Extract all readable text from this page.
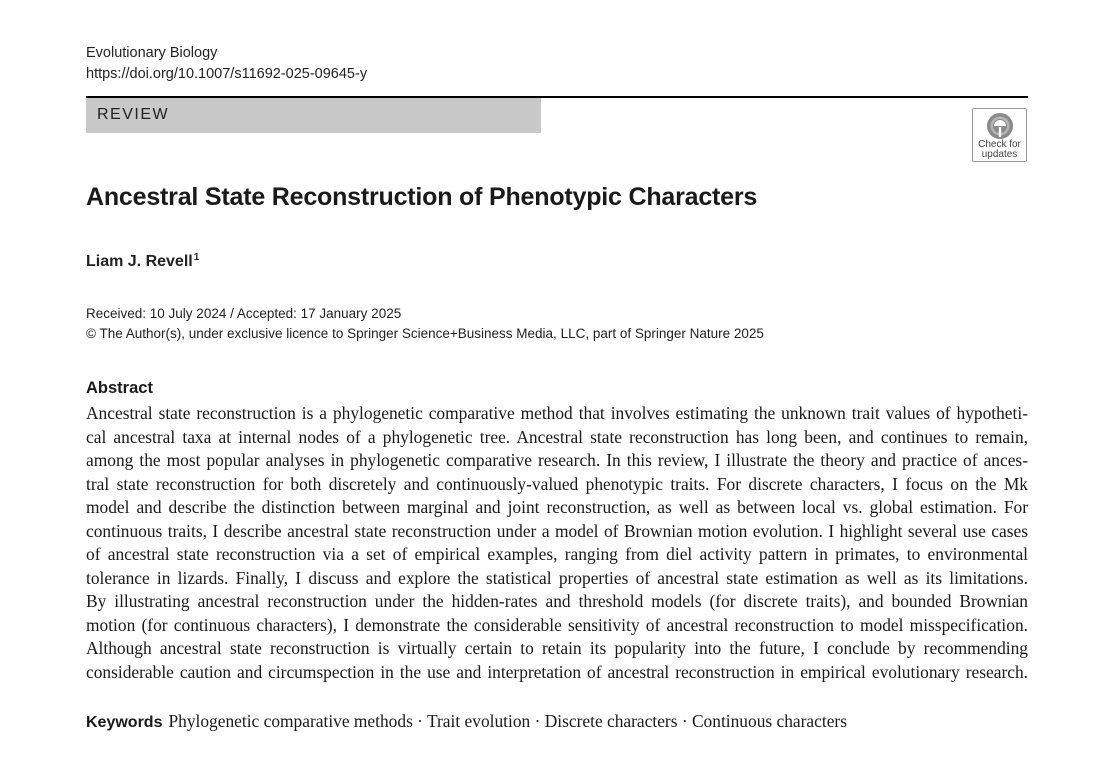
Evolutionary Biology
https://doi.org/10.1007/s11692-025-09645-y
REVIEW
Check for
updates
Ancestral State Reconstruction of Phenotypic Characters
Liam J. Revell$^1$
Received: 10 July 2024 / Accepted: 17 January 2025
© The Author(s), under exclusive licence to Springer Science+Business Media, LLC, part of Springer Nature 2025
Abstract
Ancestral state reconstruction is a phylogenetic comparative method that involves estimating the unknown trait values of hypotheti-
cal ancestral taxa at internal nodes of a phylogenetic tree. Ancestral state reconstruction has long been, and continues to remain,
among the most popular analyses in phylogenetic comparative research. In this review, I illustrate the theory and practice of ances-
tral state reconstruction for both discretely and continuously-valued phenotypic traits. For discrete characters, I focus on the Mk
model and describe the distinction between marginal and joint reconstruction, as well as between local vs. global estimation. For
continuous traits, I describe ancestral state reconstruction under a model of Brownian motion evolution. I highlight several use cases
of ancestral state reconstruction via a set of empirical examples, ranging from diel activity pattern in primates, to environmental
tolerance in lizards. Finally, I discuss and explore the statistical properties of ancestral state estimation as well as its limitations.
By illustrating ancestral reconstruction under the hidden-rates and threshold models (for discrete traits), and bounded Brownian
motion (for continuous characters), I demonstrate the considerable sensitivity of ancestral reconstruction to model misspecification.
Although ancestral state reconstruction is virtually certain to retain its popularity into the future, I conclude by recommending
considerable caution and circumspection in the use and interpretation of ancestral reconstruction in empirical evolutionary research.
Keywords Phylogenetic comparative methods · Trait evolution · Discrete characters · Continuous characters
